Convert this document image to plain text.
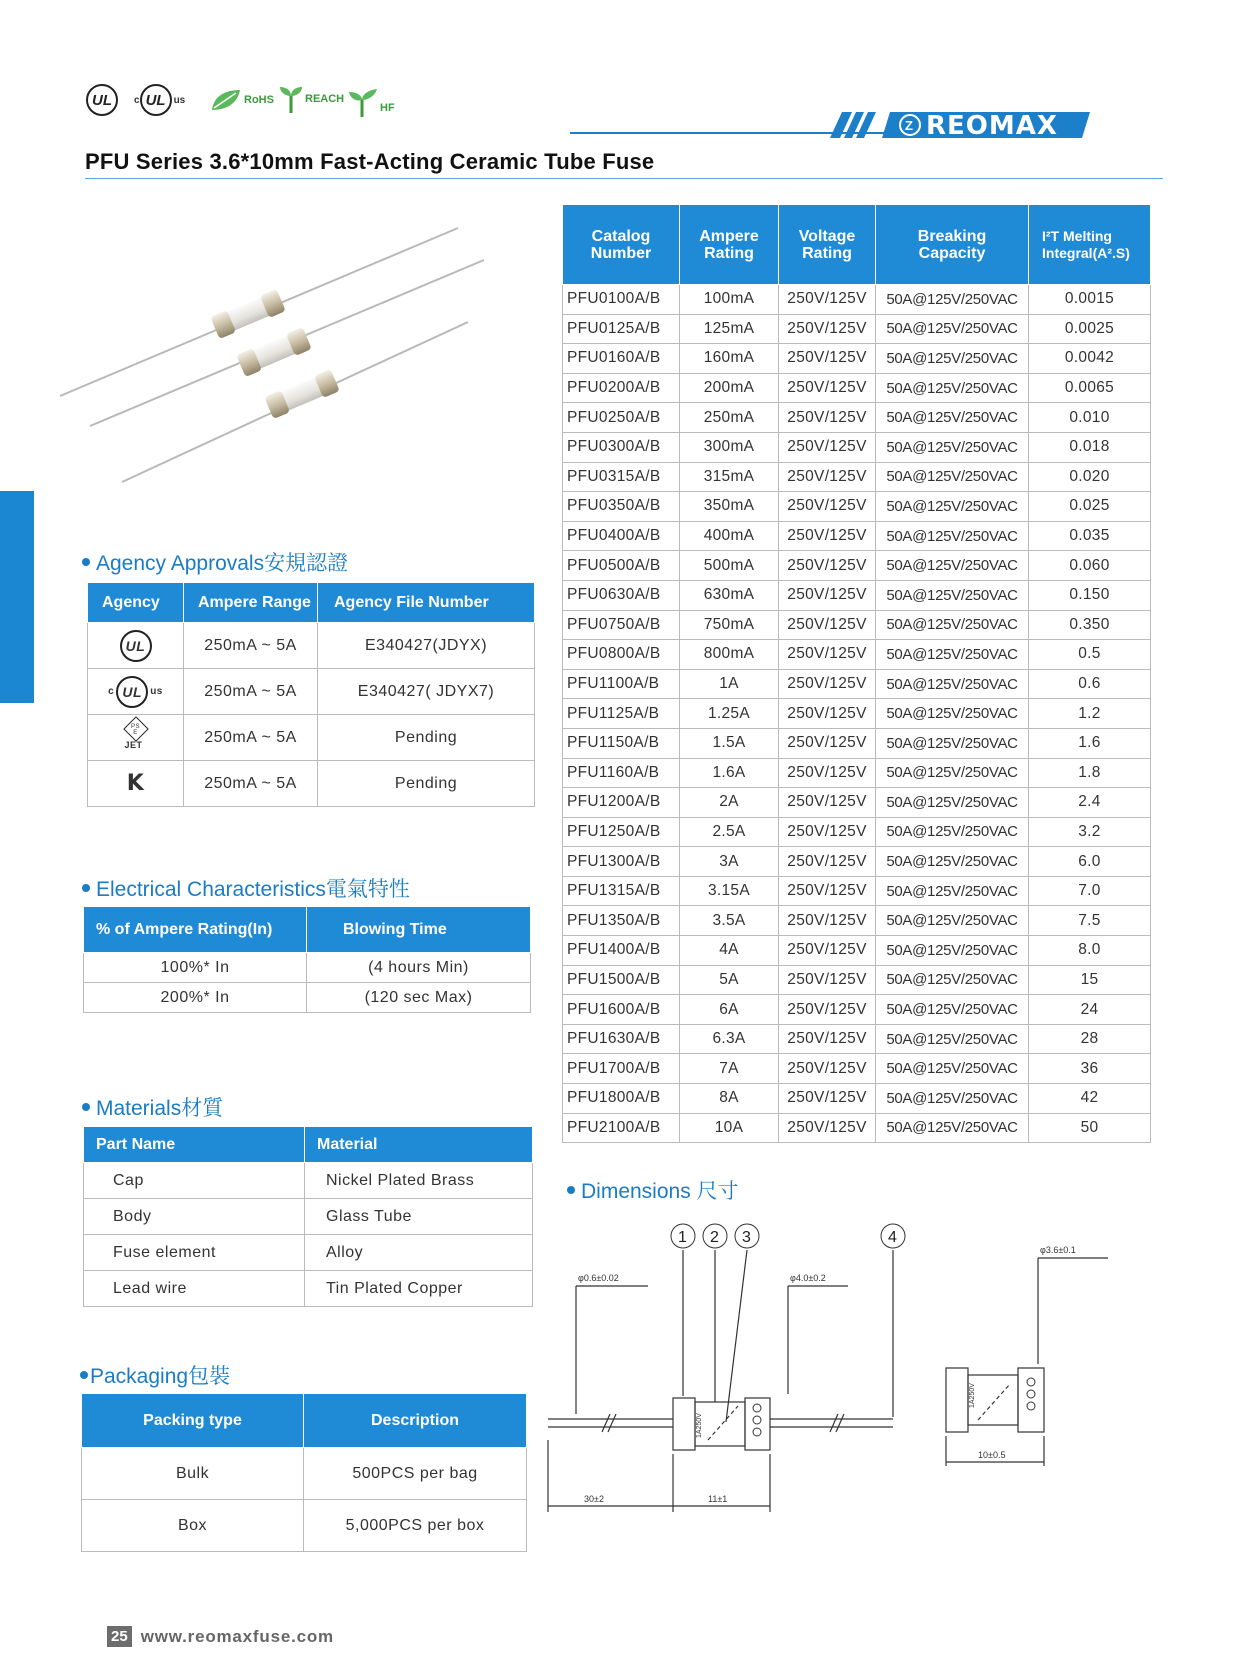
UL	c UL us	RoHS	REACH
HF
Z REOMAX
PFU Series 3.6*10mm Fast-Acting Ceramic Tube Fuse
Agency Approvals安規認證
Agency	Ampere Range	Agency File Number
UL	250mA ~ 5A	E340427(JDYX)

c UL us	250mA ~ 5A	E340427( JDYX7)

PS E
JET	250mA ~ 5A	Pending
K	250mA ~ 5A	Pending
Electrical Characteristics電氣特性
% of Ampere Rating(In)	Blowing Time
100%* In	(4 hours Min)
200%* In	(120 sec Max)
Materials材質
Part Name	Material
Cap	Nickel Plated Brass
Body	Glass Tube
Fuse element	Alloy
Lead wire	Tin Plated Copper
Packaging包裝
Packing type	Description
Bulk	500PCS per bag
Box	5,000PCS per box
Catalog Number	Ampere Rating	Voltage Rating	Breaking Capacity	I²T Melting Integral(A².S)
PFU0100A/B	100mA	250V/125V	50A@125V/250VAC	0.0015
PFU0125A/B	125mA	250V/125V	50A@125V/250VAC	0.0025
PFU0160A/B	160mA	250V/125V	50A@125V/250VAC	0.0042
PFU0200A/B	200mA	250V/125V	50A@125V/250VAC	0.0065
PFU0250A/B	250mA	250V/125V	50A@125V/250VAC	0.010
PFU0300A/B	300mA	250V/125V	50A@125V/250VAC	0.018
PFU0315A/B	315mA	250V/125V	50A@125V/250VAC	0.020
PFU0350A/B	350mA	250V/125V	50A@125V/250VAC	0.025
PFU0400A/B	400mA	250V/125V	50A@125V/250VAC	0.035
PFU0500A/B	500mA	250V/125V	50A@125V/250VAC	0.060
PFU0630A/B	630mA	250V/125V	50A@125V/250VAC	0.150
PFU0750A/B	750mA	250V/125V	50A@125V/250VAC	0.350
PFU0800A/B	800mA	250V/125V	50A@125V/250VAC	0.5
PFU1100A/B	1A	250V/125V	50A@125V/250VAC	0.6
PFU1125A/B	1.25A	250V/125V	50A@125V/250VAC	1.2
PFU1150A/B	1.5A	250V/125V	50A@125V/250VAC	1.6
PFU1160A/B	1.6A	250V/125V	50A@125V/250VAC	1.8
PFU1200A/B	2A	250V/125V	50A@125V/250VAC	2.4
PFU1250A/B	2.5A	250V/125V	50A@125V/250VAC	3.2
PFU1300A/B	3A	250V/125V	50A@125V/250VAC	6.0
PFU1315A/B	3.15A	250V/125V	50A@125V/250VAC	7.0
PFU1350A/B	3.5A	250V/125V	50A@125V/250VAC	7.5
PFU1400A/B	4A	250V/125V	50A@125V/250VAC	8.0
PFU1500A/B	5A	250V/125V	50A@125V/250VAC	15
PFU1600A/B	6A	250V/125V	50A@125V/250VAC	24
PFU1630A/B	6.3A	250V/125V	50A@125V/250VAC	28
PFU1700A/B	7A	250V/125V	50A@125V/250VAC	36
PFU1800A/B	8A	250V/125V	50A@125V/250VAC	42
PFU2100A/B	10A	250V/125V	50A@125V/250VAC	50
Dimensions 尺寸
1 2 3	4
φ0.6±0.02	φ4.0±0.2
φ3.6±0.1
30±2	11±1
10±0.5
1A250V
1A250V
25 www.reomaxfuse.com
